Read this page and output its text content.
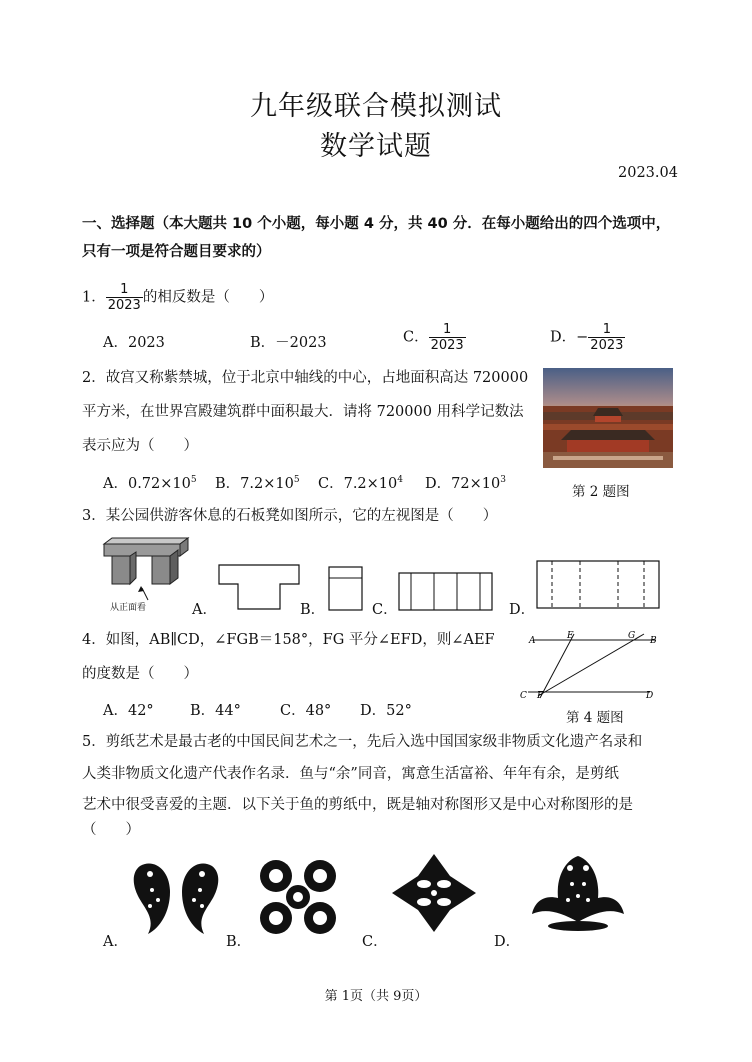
九年级联合模拟测试
数学试题
2023.04
一、选择题（本大题共 10 个小题，每小题 4 分，共 40 分．在每小题给出的四个选项中，
只有一项是符合题目要求的）
1． $\frac{1}{2023}$ 的相反数是（　　）
A．2023	B．－2023	C． $\frac{1}{2023}$	D．− $\frac{1}{2023}$
2．故宫又称紫禁城，位于北京中轴线的中心，占地面积高达 720000
平方米，在世界宫殿建筑群中面积最大．请将 720000 用科学记数法
表示应为（　　）
A．$0.72\times 10^5$ B．$7.2\times 10^5$ C．$7.2\times 10^4$ D．$72\times 10^3$
第 2 题图
3．某公园供游客休息的石板凳如图所示，它的左视图是（　　）
从正面看	A．	B．	C．	D．
4．如图，AB∥CD，∠FGB＝158°，FG 平分∠EFD，则∠AEF
的度数是（　　）
A．42°	B．44°	C．48° D．52°
A	E	G B
C F	D
第 4 题图
5．剪纸艺术是最古老的中国民间艺术之一，先后入选中国国家级非物质文化遗产名录和
人类非物质文化遗产代表作名录．鱼与“余”同音，寓意生活富裕、年年有余，是剪纸
艺术中很受喜爱的主题．以下关于鱼的剪纸中，既是轴对称图形又是中心对称图形的是
（　　）
A．	B．	C．	D．
第 1页（共 9页）
